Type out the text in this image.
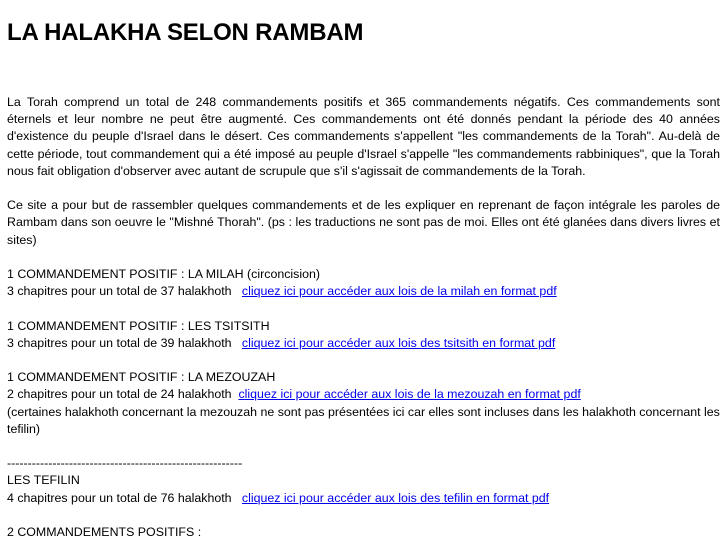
LA HALAKHA SELON RAMBAM

La Torah comprend un total de 248 commandements positifs et 365 commandements négatifs. Ces commandements sont éternels et leur nombre ne peut être augmenté. Ces commandements ont été donnés pendant la période des 40 années d'existence du peuple d'Israel dans le désert. Ces commandements s'appellent "les commandements de la Torah". Au-delà de cette période, tout commandement qui a été imposé au peuple d'Israel s'appelle "les commandements rabbiniques", que la Torah nous fait obligation d'observer avec autant de scrupule que s'il s'agissait de commandements de la Torah.

Ce site a pour but de rassembler quelques commandements et de les expliquer en reprenant de façon intégrale les paroles de Rambam dans son oeuvre le "Mishné Thorah". (ps : les traductions ne sont pas de moi. Elles ont été glanées dans divers livres et sites)

1 COMMANDEMENT POSITIF : LA MILAH (circoncision)

3 chapitres pour un total de 37 halakhoth cliquez ici pour accéder aux lois de la milah en format pdf

1 COMMANDEMENT POSITIF : LES TSITSITH

3 chapitres pour un total de 39 halakhoth cliquez ici pour accéder aux lois des tsitsith en format pdf

1 COMMANDEMENT POSITIF : LA MEZOUZAH

2 chapitres pour un total de 24 halakhoth cliquez ici pour accéder aux lois de la mezouzah en format pdf

(certaines halakhoth concernant la mezouzah ne sont pas présentées ici car elles sont incluses dans les halakhoth concernant les tefilin)

---------------------------------------------------------

LES TEFILIN

4 chapitres pour un total de 76 halakhoth cliquez ici pour accéder aux lois des tefilin en format pdf

2 COMMANDEMENTS POSITIFS :
